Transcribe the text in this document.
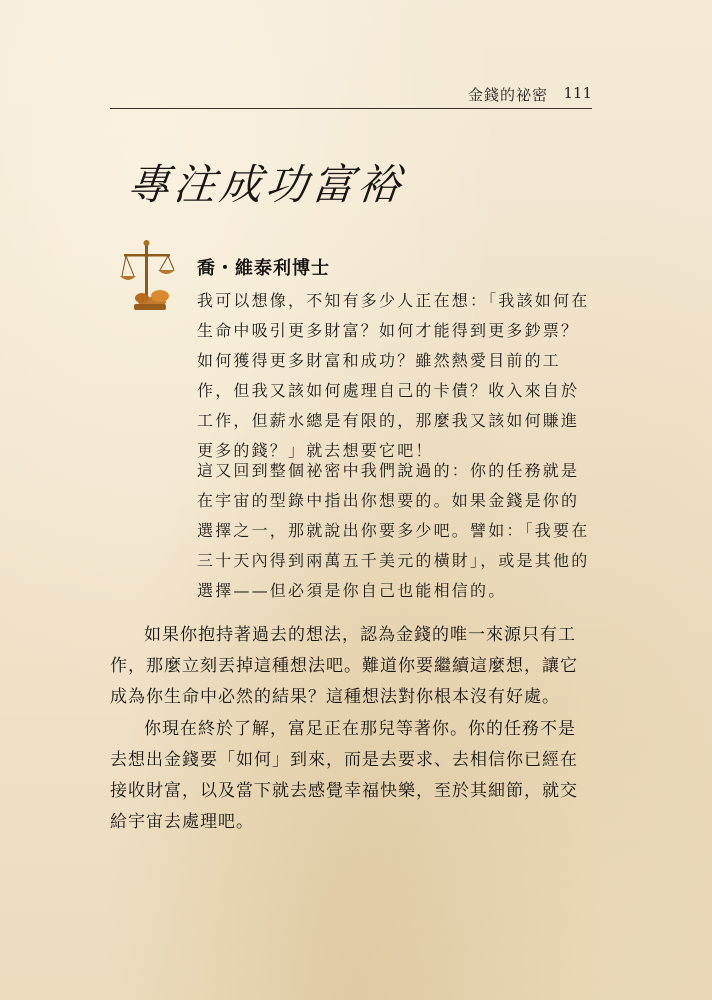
金錢的祕密 111
專注成功富裕
喬・維泰利博士

我可以想像，不知有多少人正在想：「我該如何在生命中吸引更多財富？如何才能得到更多鈔票？如何獲得更多財富和成功？雖然熱愛目前的工作，但我又該如何處理自己的卡債？收入來自於工作，但薪水總是有限的，那麼我又該如何賺進更多的錢？」就去想要它吧！

這又回到整個祕密中我們說過的：你的任務就是在宇宙的型錄中指出你想要的。如果金錢是你的選擇之一，那就說出你要多少吧。譬如：「我要在三十天內得到兩萬五千美元的橫財」，或是其他的選擇——但必須是你自己也能相信的。

如果你抱持著過去的想法，認為金錢的唯一來源只有工作，那麼立刻丟掉這種想法吧。難道你要繼續這麼想，讓它成為你生命中必然的結果？這種想法對你根本沒有好處。

你現在終於了解，富足正在那兒等著你。你的任務不是去想出金錢要「如何」到來，而是去要求、去相信你已經在接收財富，以及當下就去感覺幸福快樂，至於其細節，就交給宇宙去處理吧。
